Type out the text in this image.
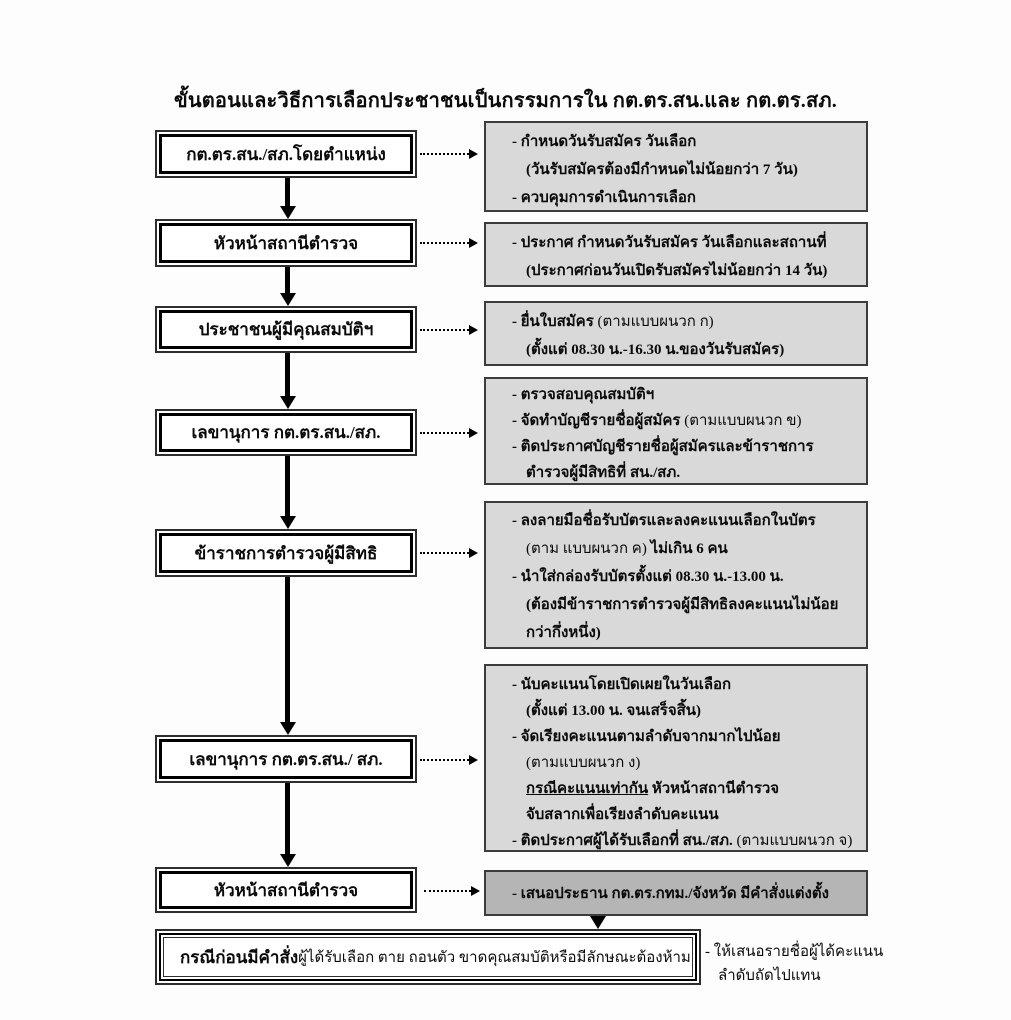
ขั้นตอนและวิธีการเลือกประชาชนเป็นกรรมการใน กต.ตร.สน.และ กต.ตร.สภ.
กต.ตร.สน./สภ.โดยตำแหน่ง
หัวหน้าสถานีตำรวจ
ประชาชนผู้มีคุณสมบัติฯ
เลขานุการ กต.ตร.สน./สภ.
ข้าราชการตำรวจผู้มีสิทธิ
เลขานุการ กต.ตร.สน./ สภ.
หัวหน้าสถานีตำรวจ
- กำหนดวันรับสมัคร วันเลือก
(วันรับสมัครต้องมีกำหนดไม่น้อยกว่า 7 วัน)
- ควบคุมการดำเนินการเลือก
- ประกาศ กำหนดวันรับสมัคร วันเลือกและสถานที่
(ประกาศก่อนวันเปิดรับสมัครไม่น้อยกว่า 14 วัน)
- ยื่นใบสมัคร (ตามแบบผนวก ก)
(ตั้งแต่ 08.30 น.-16.30 น.ของวันรับสมัคร)
- ตรวจสอบคุณสมบัติฯ
- จัดทำบัญชีรายชื่อผู้สมัคร (ตามแบบผนวก ข)
- ติดประกาศบัญชีรายชื่อผู้สมัครและข้าราชการ
ตำรวจผู้มีสิทธิที่ สน./สภ.
- ลงลายมือชื่อรับบัตรและลงคะแนนเลือกในบัตร
(ตาม แบบผนวก ค) ไม่เกิน 6 คน
- นำใส่กล่องรับบัตรตั้งแต่ 08.30 น.-13.00 น.
(ต้องมีข้าราชการตำรวจผู้มีสิทธิลงคะแนนไม่น้อย
กว่ากึ่งหนึ่ง)
- นับคะแนนโดยเปิดเผยในวันเลือก
(ตั้งแต่ 13.00 น. จนเสร็จสิ้น)
- จัดเรียงคะแนนตามลำดับจากมากไปน้อย
(ตามแบบผนวก ง)
กรณีคะแนนเท่ากัน หัวหน้าสถานีตำรวจ
จับสลากเพื่อเรียงลำดับคะแนน
- ติดประกาศผู้ได้รับเลือกที่ สน./สภ. (ตามแบบผนวก จ)
- เสนอประธาน กต.ตร.กทม./จังหวัด มีคำสั่งแต่งตั้ง
กรณีก่อนมีคำสั่ง ผู้ได้รับเลือก ตาย ถอนตัว ขาดคุณสมบัติหรือมีลักษณะต้องห้าม - ให้เสนอรายชื่อผู้ได้คะแนน
ลำดับถัดไปแทน
